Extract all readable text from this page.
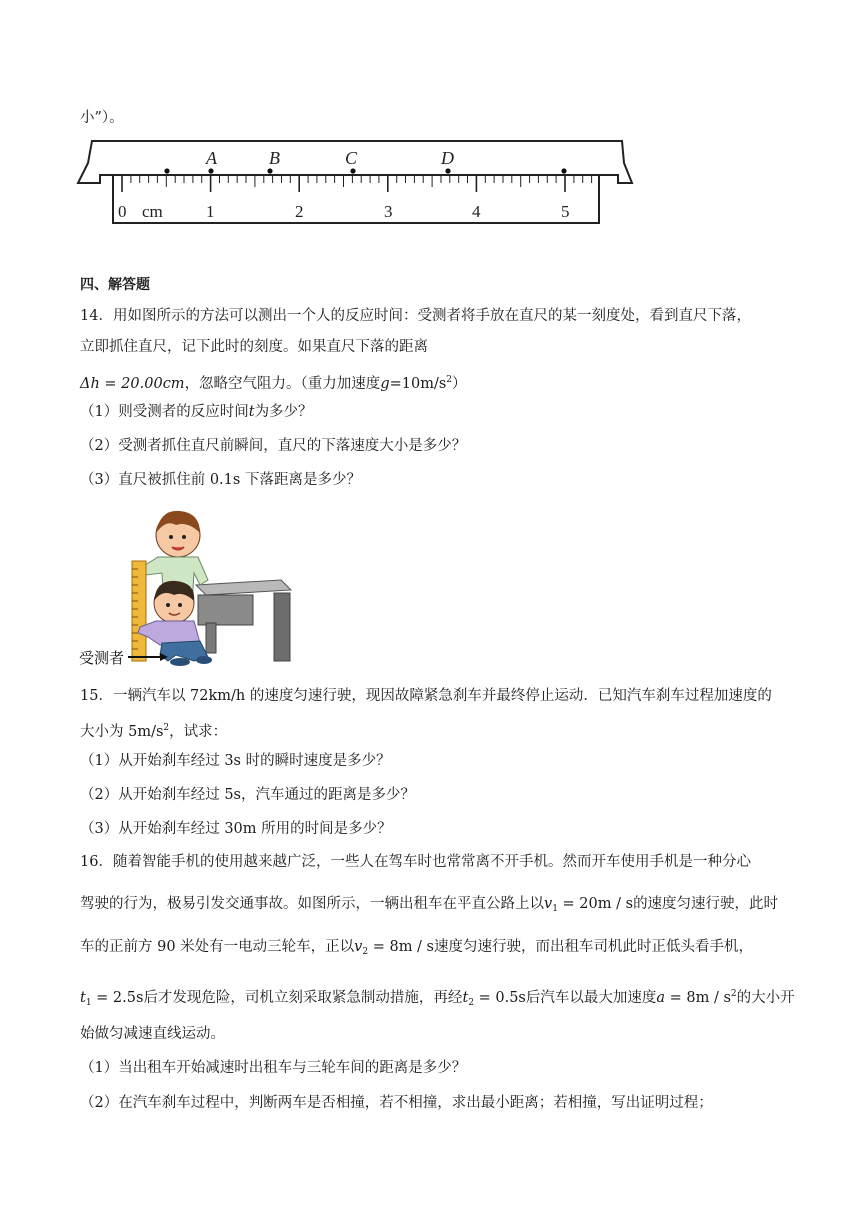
小”）。
A	B	C	D
0 cm	1	2	3	4	5
四、解答题
14．用如图所示的方法可以测出一个人的反应时间：受测者将手放在直尺的某一刻度处，看到直尺下落，
立即抓住直尺，记下此时的刻度。如果直尺下落的距离
Δh = 20.00cm，忽略空气阻力。（重力加速度$g=10m/s^2$）
（1）则受测者的反应时间t为多少？
（2）受测者抓住直尺前瞬间，直尺的下落速度大小是多少？
（3）直尺被抓住前 0.1s 下落距离是多少？
受测者
15．一辆汽车以 72km/h 的速度匀速行驶，现因故障紧急刹车并最终停止运动．已知汽车刹车过程加速度的
大小为 $5m/s^2$，试求：
（1）从开始刹车经过 3s 时的瞬时速度是多少？
（2）从开始刹车经过 5s，汽车通过的距离是多少？
（3）从开始刹车经过 30m 所用的时间是多少？
16．随着智能手机的使用越来越广泛，一些人在驾车时也常常离不开手机。然而开车使用手机是一种分心
驾驶的行为，极易引发交通事故。如图所示，一辆出租车在平直公路上以$v_1 = 20m / s$的速度匀速行驶，此时
车的正前方 90 米处有一电动三轮车，正以$v_2 = 8m / s$速度匀速行驶，而出租车司机此时正低头看手机，
$t_1 = 2.5s$后才发现危险，司机立刻采取紧急制动措施，再经$t_2 = 0.5s$后汽车以最大加速度$a = 8m / s^2$的大小开
始做匀减速直线运动。
（1）当出租车开始减速时出租车与三轮车间的距离是多少？
（2）在汽车刹车过程中，判断两车是否相撞，若不相撞，求出最小距离；若相撞，写出证明过程；
